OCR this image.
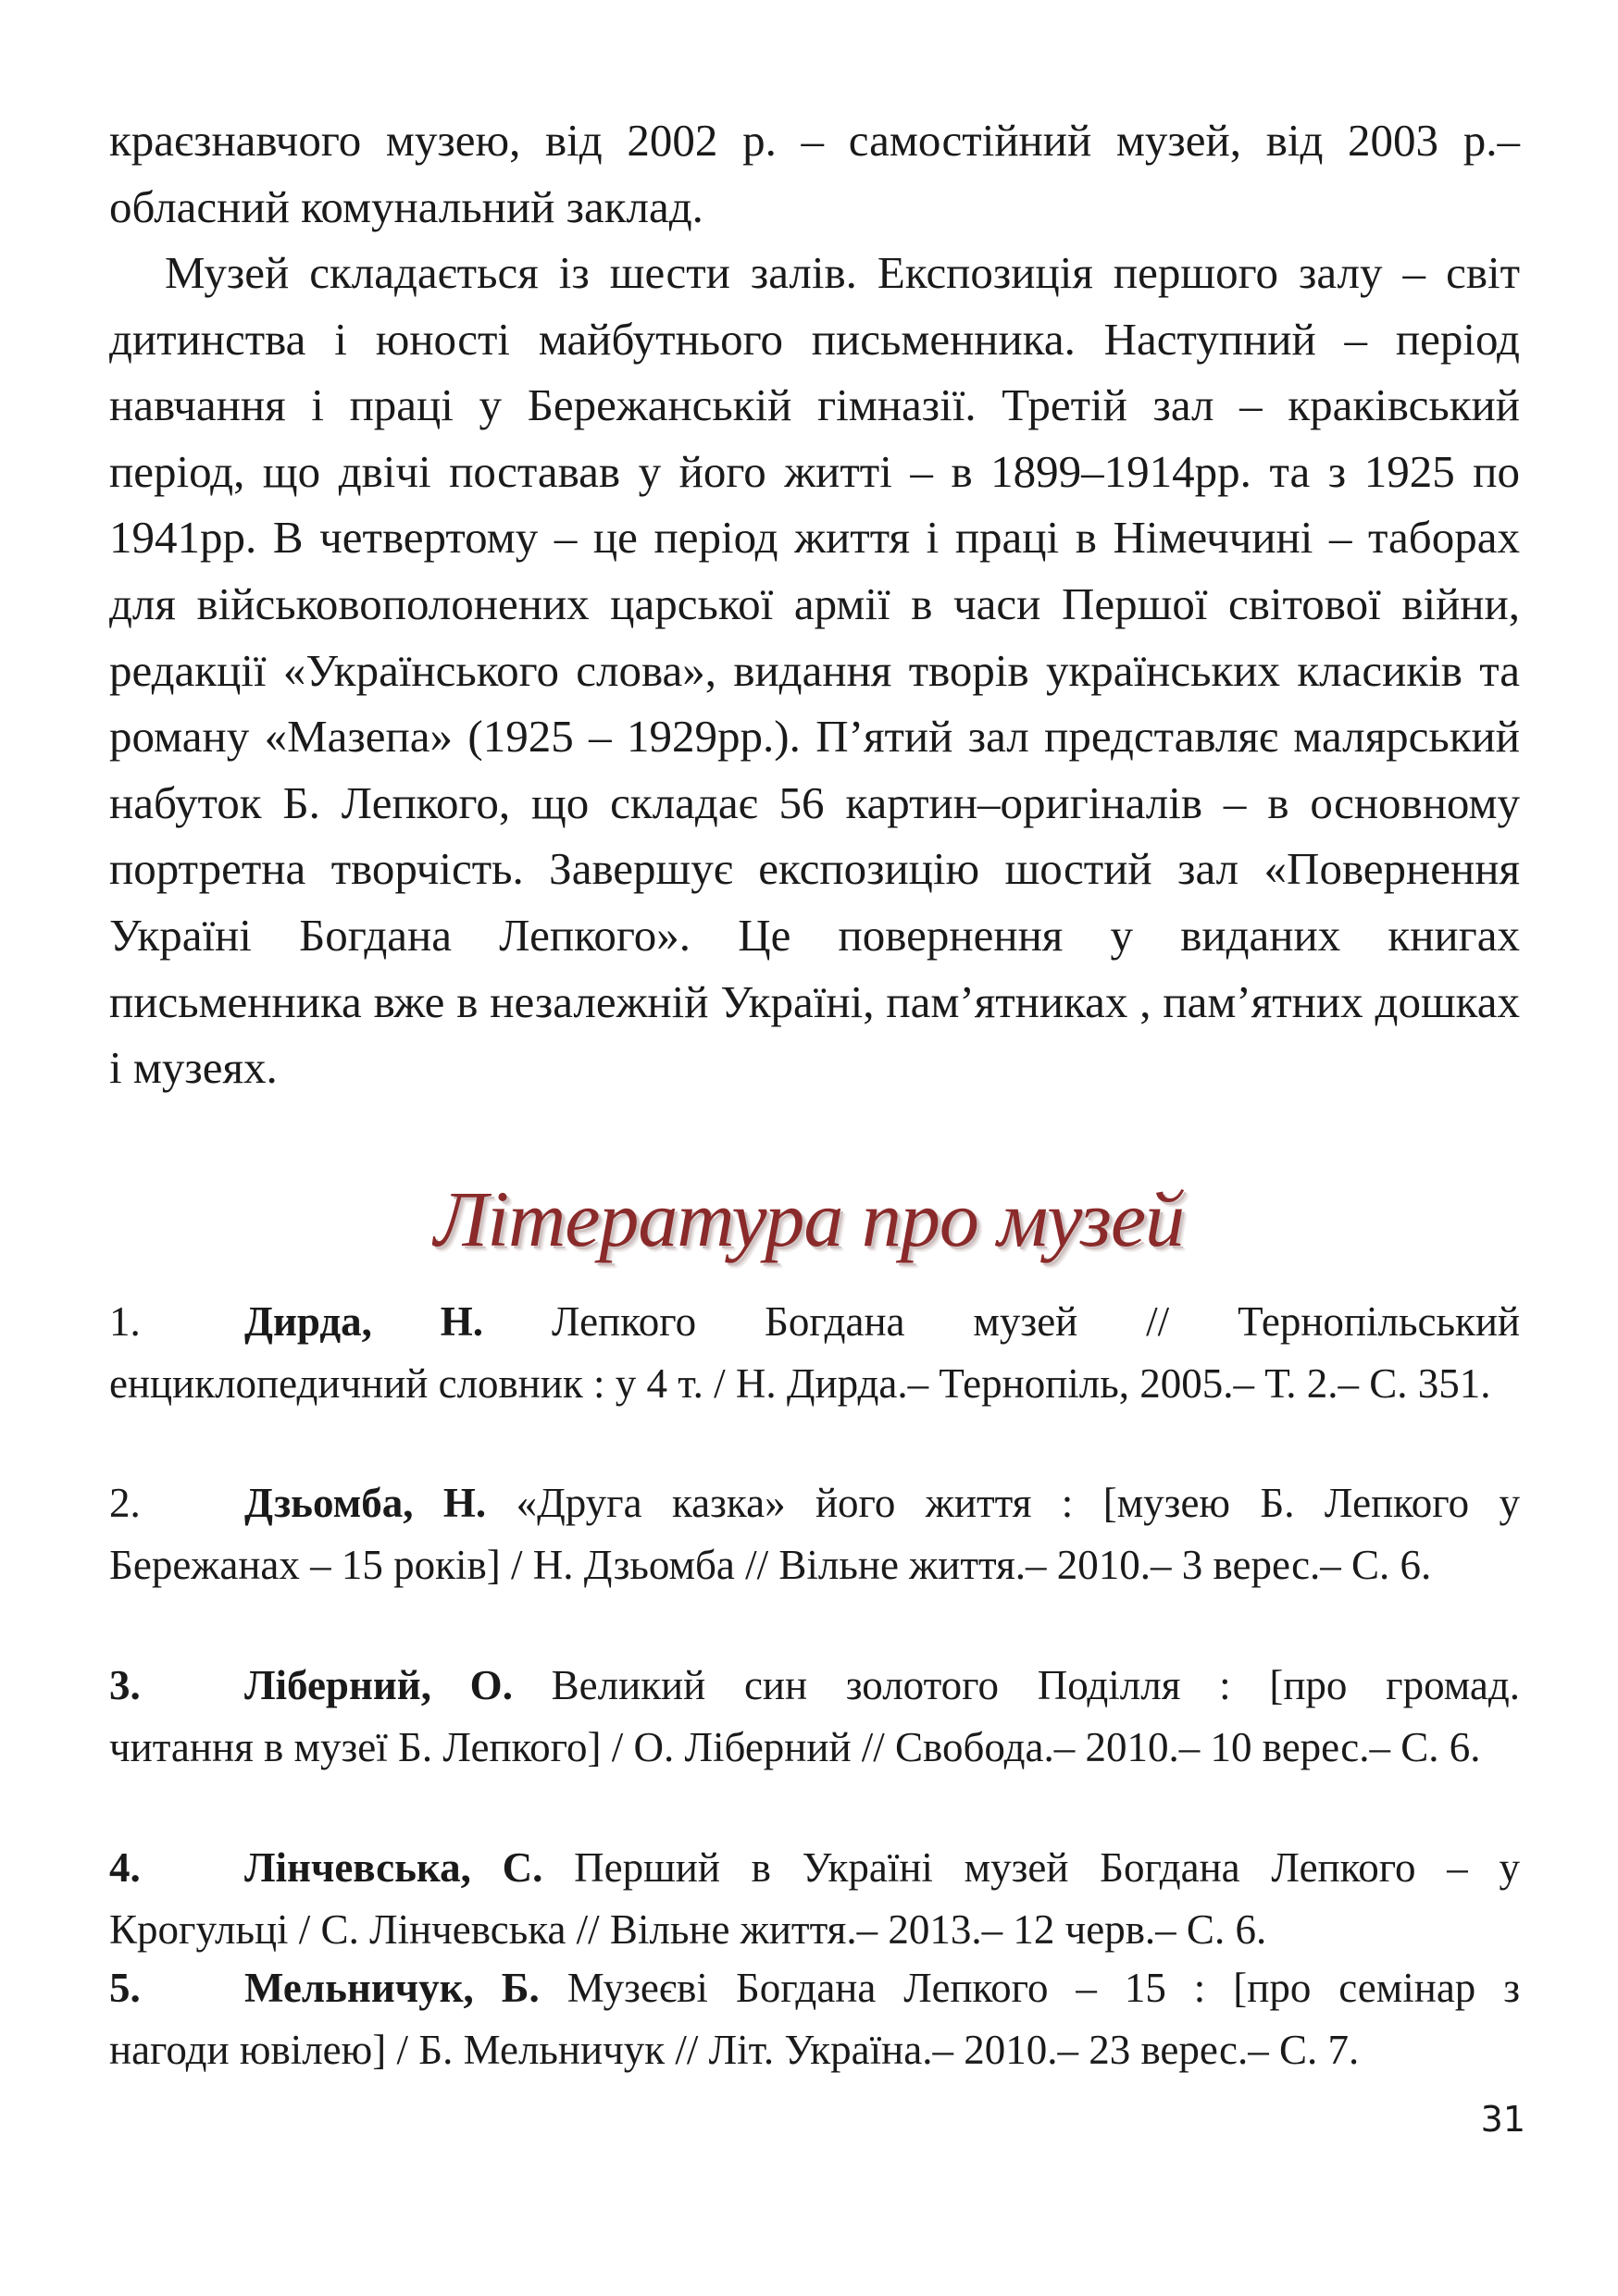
краєзнавчого музею, від 2002 р. – самостійний музей, від 2003 р.– обласний комунальний заклад.
Музей складається із шести залів. Експозиція першого залу – світ дитинства і юності майбутнього письменника. Наступний – період навчання і праці у Бережанській гімназії. Третій зал – краківський період, що двічі поставав у його житті – в 1899–1914рр. та з 1925 по 1941рр. В четвертому – це період життя і праці в Німеччині – таборах для військовополонених царської армії в часи Першої світової війни, редакції «Українського слова», видання творів українських класиків та роману «Мазепа» (1925 – 1929рр.). П’ятий зал представляє малярський набуток Б. Лепкого, що складає 56 картин–оригіналів – в основному портретна творчість. Завершує експозицію шостий зал «Повернення Україні Богдана Лепкого». Це повернення у виданих книгах письменника вже в незалежній Україні, пам’ятниках , пам’ятних дошках і музеях.
Література про музей
1. Дирда, Н. Лепкого Богдана музей // Тернопільський
енциклопедичний словник : у 4 т. / Н. Дирда.– Тернопіль, 2005.– Т. 2.– С. 351.
2. Дзьомба, Н. «Друга казка» його життя : [музею Б. Лепкого у
Бережанах – 15 років] / Н. Дзьомба // Вільне життя.– 2010.– 3 верес.– С. 6.
3. Ліберний, О. Великий син золотого Поділля : [про громад.
читання в музеї Б. Лепкого] / О. Ліберний // Свобода.– 2010.– 10 верес.– С. 6.
4. Лінчевська, С. Перший в Україні музей Богдана Лепкого – у
Крогульці / С. Лінчевська // Вільне життя.– 2013.– 12 черв.– С. 6.
5. Мельничук, Б. Музеєві Богдана Лепкого – 15 : [про семінар з
нагоди ювілею] / Б. Мельничук // Літ. Україна.– 2010.– 23 верес.– С. 7.
31
